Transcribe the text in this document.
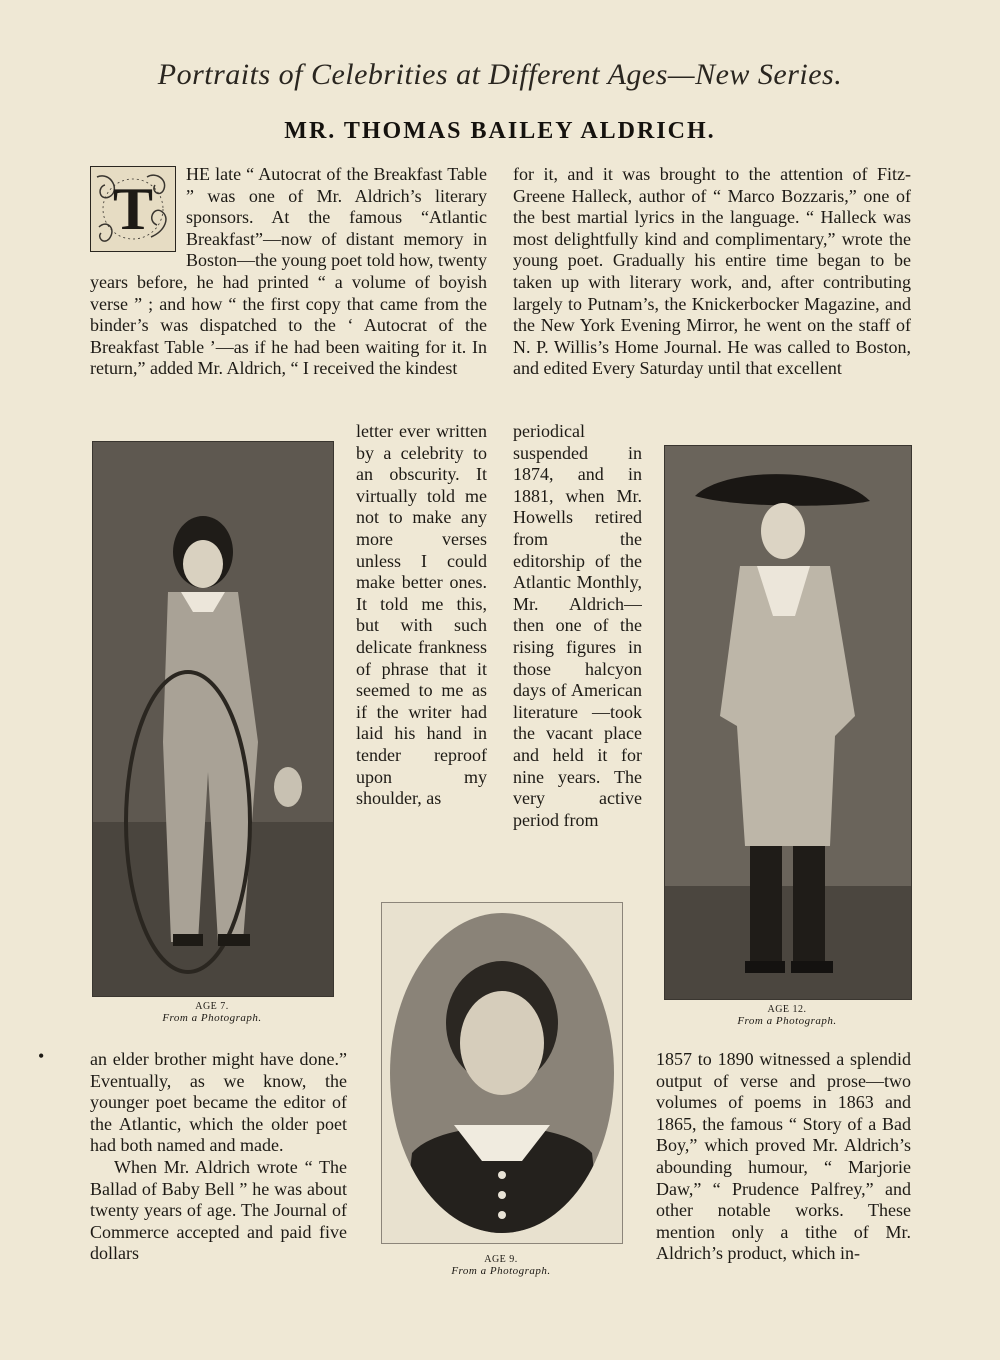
Portraits of Celebrities at Different Ages—New Series.
MR. THOMAS BAILEY ALDRICH.
T

HE late “ Autocrat of the Breakfast Table ” was one of Mr. Aldrich’s literary sponsors. At the famous “Atlantic Breakfast”—now of distant memory in Boston—the young poet told how, twenty years before, he had printed “ a volume of boyish verse ” ; and how “ the first copy that came from the binder’s was dispatched to the ‘ Autocrat of the Breakfast Table ’—as if he had been waiting for it. In return,” added Mr. Aldrich, “ I received the kindest

letter ever written by a celebrity to an obscurity. It virtually told me not to make any more verses unless I could make better ones. It told me this, but with such delicate frankness of phrase that it seemed to me as if the writer had laid his hand in tender reproof upon my shoulder, as

AGE 7.
From a Photograph.

an elder brother might have done.” Eventually, as we know, the younger poet became the editor of the Atlantic, which the older poet had both named and made.

When Mr. Aldrich wrote “ The Ballad of Baby Bell ” he was about twenty years of age. The Journal of Commerce accepted and paid five dollars

•

for it, and it was brought to the attention of Fitz-Greene Halleck, author of “ Marco Bozzaris,” one of the best martial lyrics in the language. “ Halleck was most delightfully kind and complimentary,” wrote the young poet. Gradually his entire time began to be taken up with literary work, and, after contributing largely to Putnam’s, the Knickerbocker Magazine, and the New York Evening Mirror, he went on the staff of N. P. Willis’s Home Journal. He was called to Boston, and edited Every Saturday until that excellent

periodical suspended in 1874, and in 1881, when Mr. Howells retired from the editorship of the Atlantic Monthly, Mr. Aldrich—then one of the rising figures in those halcyon days of American literature —took the vacant place and held it for nine years. The very active period from

AGE 12.
From a Photograph.

1857 to 1890 witnessed a splendid output of verse and prose—two volumes of poems in 1863 and 1865, the famous “ Story of a Bad Boy,” which proved Mr. Aldrich’s abounding humour, “ Marjorie Daw,” “ Prudence Palfrey,” and other notable works. These mention only a tithe of Mr. Aldrich’s product, which in-

AGE 9.
From a Photograph.
